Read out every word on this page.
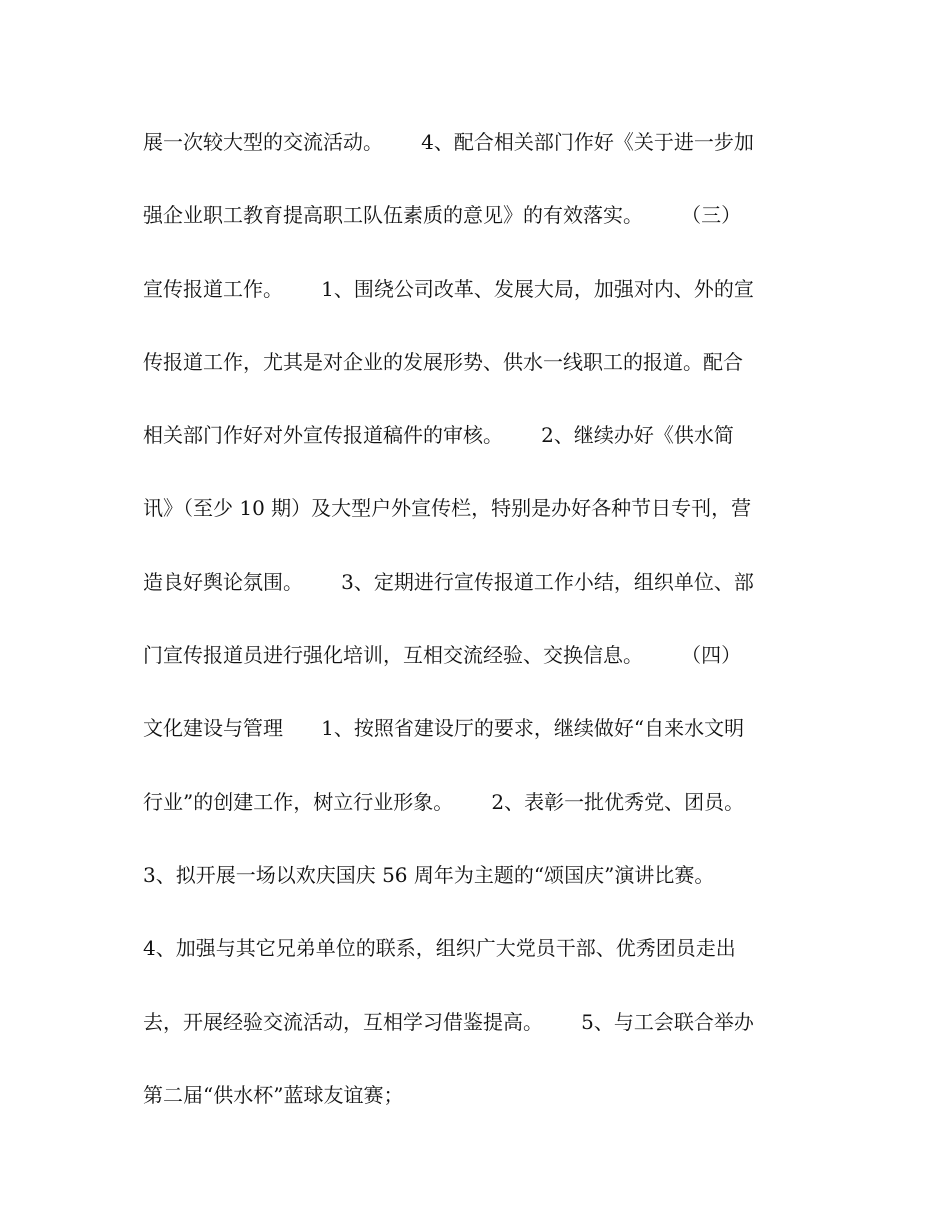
展一次较大型的交流活动。      4、配合相关部门作好《关于进一步加
强企业职工教育提高职工队伍素质的意见》的有效落实。      （三）
宣传报道工作。      1、围绕公司改革、发展大局，加强对内、外的宣
传报道工作，尤其是对企业的发展形势、供水一线职工的报道。配合
相关部门作好对外宣传报道稿件的审核。      2、继续办好《供水简
讯》（至少 10 期）及大型户外宣传栏，特别是办好各种节日专刊，营
造良好舆论氛围。      3、定期进行宣传报道工作小结，组织单位、部
门宣传报道员进行强化培训，互相交流经验、交换信息。      （四）
文化建设与管理      1、按照省建设厅的要求，继续做好“自来水文明
行业”的创建工作，树立行业形象。      2、表彰一批优秀党、团员。
3、拟开展一场以欢庆国庆 56 周年为主题的“颂国庆”演讲比赛。
4、加强与其它兄弟单位的联系，组织广大党员干部、优秀团员走出
去，开展经验交流活动，互相学习借鉴提高。      5、与工会联合举办
第二届“供水杯”蓝球友谊赛；
